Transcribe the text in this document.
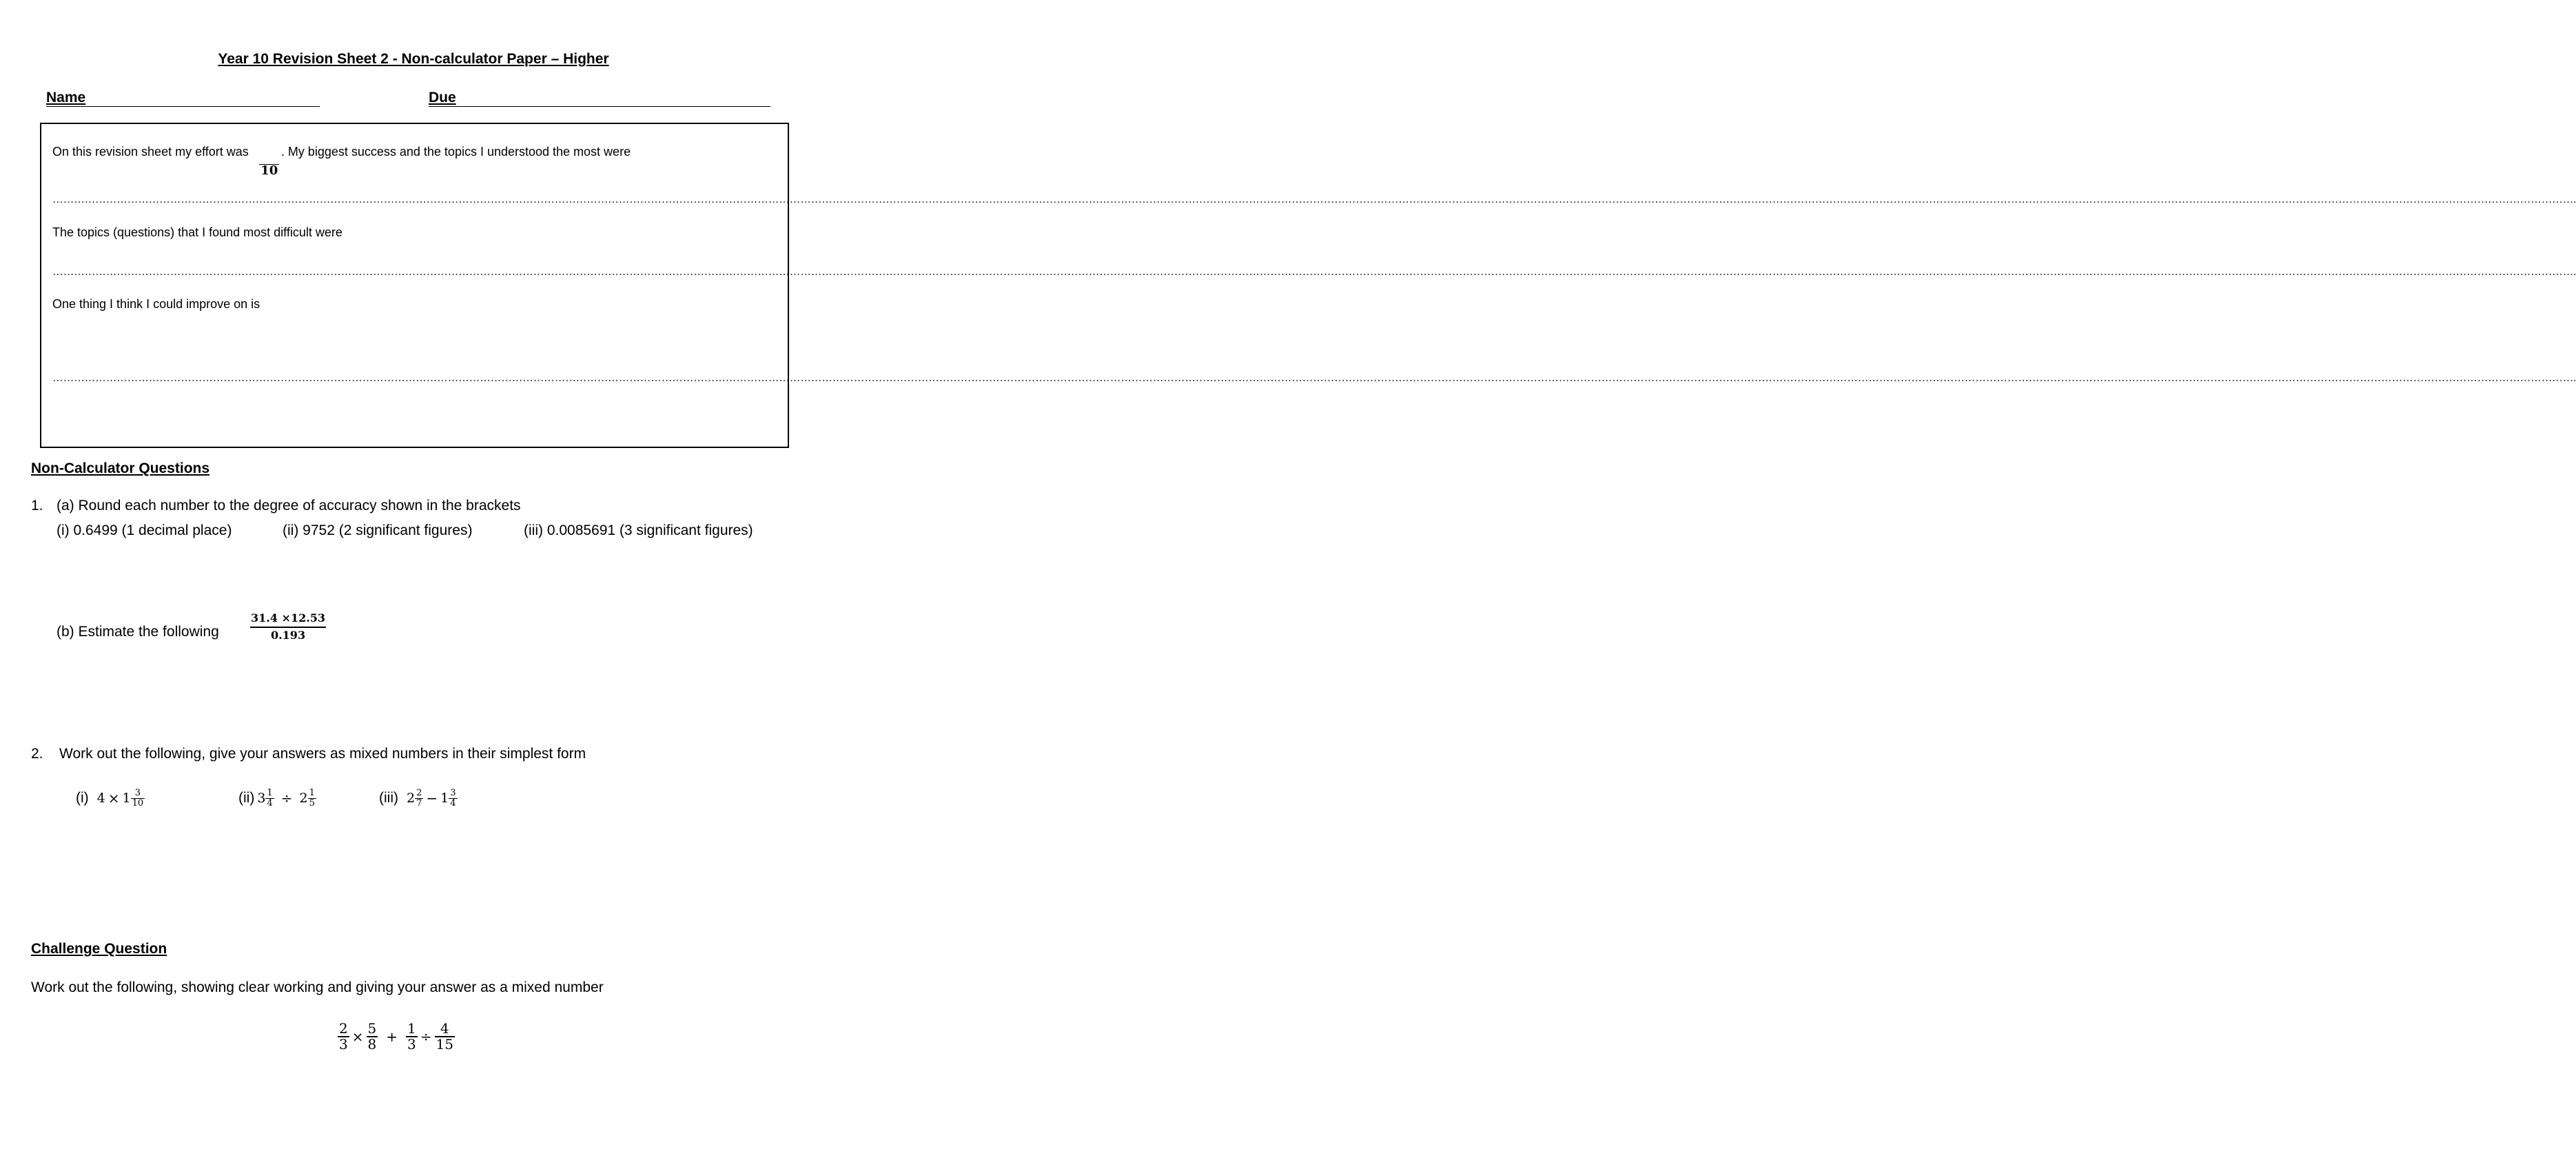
Year 10 Revision Sheet 2 - Non-calculator Paper – Higher
Name	Due
On this revision sheet my effort was
10
. My biggest success and the topics I understood the most were
…………………………………………………………………………………………………………………………………………………………………………………………………………………………………………………………………………………………………………………………………………………………………………………………………………………………………………………………………………………………………………………………………………………………………………………………………………………………………………………….
The topics (questions) that I found most difficult were
…………………………………………………………………………………………………………………………………………………………………………………………………………………………………………………………………………………………………………………………………………………………………………………………………………………………………………………………………………………………………………………………………………………………………………………………………………………………………………………….
One thing I think I could improve on is
…………………………………………………………………………………………………………………………………………………………………………………………………………………………………………………………………………………………………………………………………………………………………………………………………………………………………………………………………………………………………………………………………………………………………………………………………………………………………………………….
Non-Calculator Questions
1. (a) Round each number to the degree of accuracy shown in the brackets
(i) 0.6499 (1 decimal place)	(ii) 9752 (2 significant figures)	(iii) 0.0085691 (3 significant figures)
(b) Estimate the following	$\frac{31.4 \times 12.53}{0.193}$
2. Work out the following, give your answers as mixed numbers in their simplest form
(i) $4 \times 1 \frac{3}{10}$	(ii) $3 \frac{1}{4} \div 2 \frac{1}{5}$	(iii) $2 \frac{2}{7} - 1 \frac{3}{4}$
Challenge Question
Work out the following, showing clear working and giving your answer as a mixed number
$\frac{2}{3} \times \frac{5}{8} + \frac{1}{3} \div \frac{4}{15}$
